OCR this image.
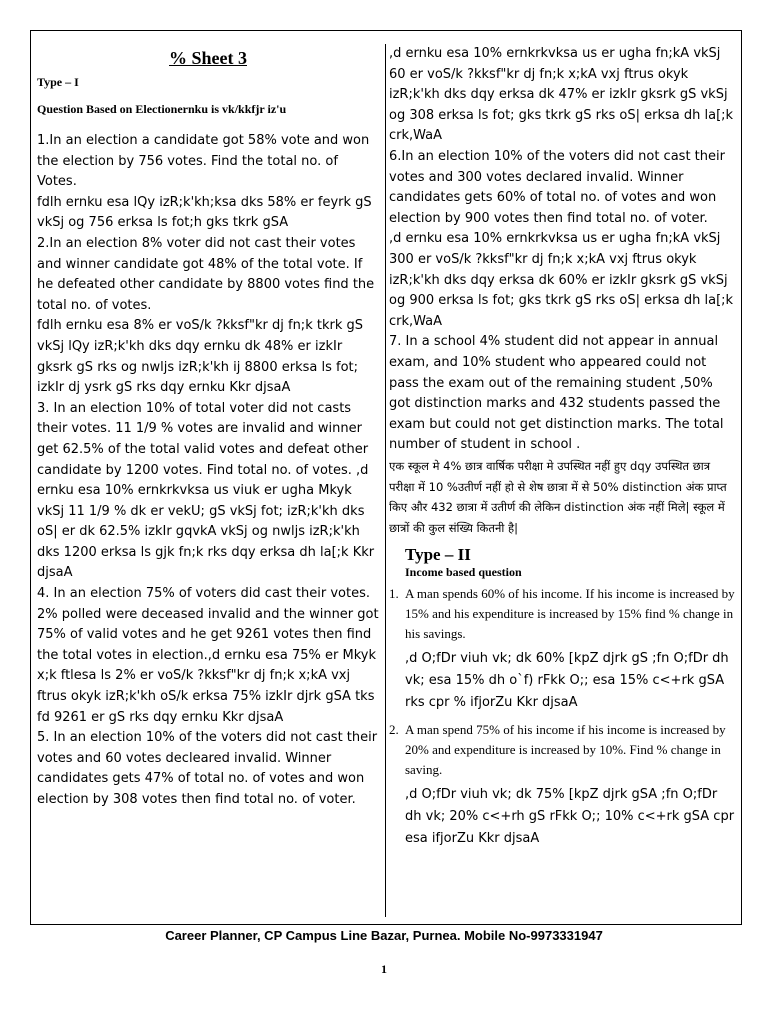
% Sheet 3
Type – I
Question Based on Electionernku is vk/kkfjr iz'u

1.In an election a candidate got 58% vote and won the election by 756 votes. Find the total no. of Votes.

fdlh ernku esa lQy izR;k'kh;ksa dks 58% er feyrk gS vkSj og 756 erksa ls fot;h gks tkrk gSA

2.In an election 8% voter did not cast their votes and winner candidate got 48% of the total vote. If he defeated other candidate by 8800 votes find the total no. of votes.

fdlh ernku esa 8% er voS/k ?kksf"kr dj fn;k tkrk gS vkSj lQy izR;k'kh dks dqy ernku dk 48% er izkIr gksrk gS rks og nwljs izR;k'kh ij 8800 erksa ls fot; izkIr dj ysrk gS rks dqy ernku Kkr djsaA

3. In an election 10% of total voter did not casts their votes. 11 1/9 % votes are invalid and winner get 62.5% of the total valid votes and defeat other candidate by 1200 votes. Find total no. of votes. ,d ernku esa 10% ernkrkvksa us viuk er ugha Mkyk vkSj 11 1/9 % dk er vekU; gS vkSj fot; izR;k'kh dks oS| er dk 62.5% izkIr gqvkA vkSj og nwljs izR;k'kh dks 1200 erksa ls gjk fn;k rks dqy erksa dh la[;k Kkr djsaA

4. In an election 75% of voters did cast their votes. 2% polled were deceased invalid and the winner got 75% of valid votes and he get 9261 votes then find the total votes in election.,d ernku esa 75% er Mkyk x;k ftlesa ls 2% er voS/k ?kksf"kr dj fn;k x;kA vxj ftrus okyk izR;k'kh oS/k erksa 75% izkIr djrk gSA tks fd 9261 er gS rks dqy ernku Kkr djsaA

5. In an election 10% of the voters did not cast their votes and 60 votes decleared invalid. Winner candidates gets 47% of total no. of votes and won election by 308 votes then find total no. of voter.

,d ernku esa 10% ernkrkvksa us er ugha fn;kA vkSj 60 er voS/k ?kksf"kr dj fn;k x;kA vxj ftrus okyk izR;k'kh dks dqy erksa dk 47% er izkIr gksrk gS vkSj og 308 erksa ls fot; gks tkrk gS rks oS| erksa dh la[;k crk,WaA

6.In an election 10% of the voters did not cast their votes and 300 votes declared invalid. Winner candidates gets 60% of total no. of votes and won election by 900 votes then find total no. of voter.

,d ernku esa 10% ernkrkvksa us er ugha fn;kA vkSj 300 er voS/k ?kksf"kr dj fn;k x;kA vxj ftrus okyk izR;k'kh dks dqy erksa dk 60% er izkIr gksrk gS vkSj og 900 erksa ls fot; gks tkrk gS rks oS| erksa dh la[;k crk,WaA

7. In a school 4% student did not appear in annual exam, and 10% student who appeared could not pass the exam out of the remaining student ,50% got distinction marks and 432 students passed the exam but could not get distinction marks. The total number of student in school .

एक स्कूल मे 4% छात्र वार्षिक परीक्षा मे उपस्थित नहीं हुए dqy उपस्थित छात्र परीक्षा में 10 %उतीर्ण नहीं हो से शेष छात्रा में से 50% distinction अंक प्राप्त किए और 432 छात्रा में उतीर्ण की लेकिन distinction अंक नहीं मिले| स्कूल में छात्रों की कुल संख्यि कितनी है|

Type – II
Income based question
1. A man spends 60% of his income. If his income is increased by 15% and his expenditure is increased by 15% find % change in his savings.
,d O;fDr viuh vk; dk 60% [kpZ djrk gS ;fn O;fDr dh vk; esa 15% dh o`f) rFkk O;; esa 15% c<+rk gSA rks cpr % ifjorZu Kkr djsaA
2. A man spend 75% of his income if his income is increased by 20% and expenditure is increased by 10%. Find % change in saving.
,d O;fDr viuh vk; dk 75% [kpZ djrk gSA ;fn O;fDr dh vk; 20% c<+rh gS rFkk O;; 10% c<+rk gSA cpr esa ifjorZu Kkr djsaA
Career Planner, CP Campus Line Bazar, Purnea. Mobile No-9973331947
1
